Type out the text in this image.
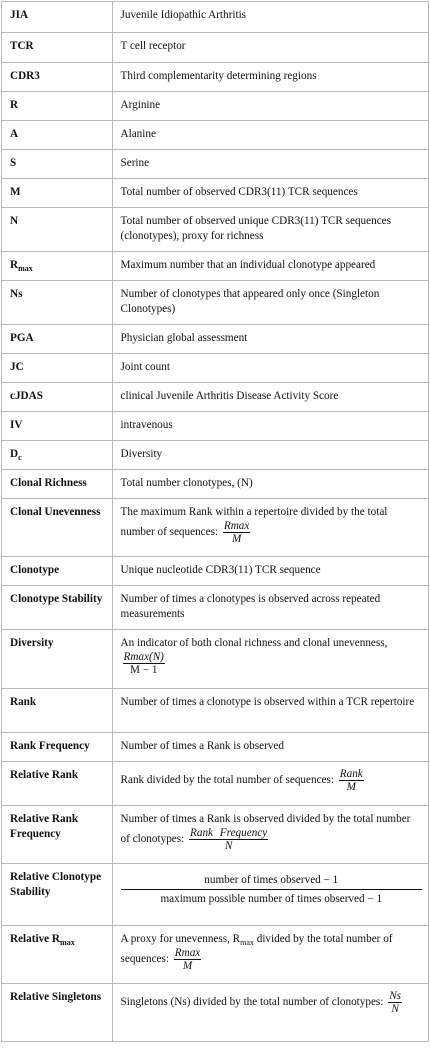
JIA	Juvenile Idiopathic Arthritis
TCR	T cell receptor
CDR3	Third complementarity determining regions
R	Arginine
A	Alanine
S	Serine
M	Total number of observed CDR3(11) TCR sequences
N	Total number of observed unique CDR3(11) TCR sequences (clonotypes), proxy for richness
$R_{max}$	Maximum number that an individual clonotype appeared
Ns	Number of clonotypes that appeared only once (Singleton Clonotypes)
PGA	Physician global assessment
JC	Joint count
cJDAS	clinical Juvenile Arthritis Disease Activity Score
IV	intravenous
$D_c$	Diversity
Clonal Richness	Total number clonotypes, (N)
Clonal Unevenness	The maximum Rank within a repertoire divided by the total number of sequences: $\frac{Rmax}{M}$

Clonotype	Unique nucleotide CDR3(11) TCR sequence
Clonotype Stability	Number of times a clonotypes is observed across repeated measurements
Diversity	An indicator of both clonal richness and clonal unevenness,
$\frac{Rmax(N)}{M - 1}$

Rank	Number of times a clonotype is observed within a TCR repertoire
Rank Frequency	Number of times a Rank is observed
Relative Rank	Rank divided by the total number of sequences: $\frac{\text{Rank}}{M}$

Relative Rank Frequency	Number of times a Rank is observed divided by the total number of clonotypes: $\frac{\text{Rank Frequency}}{N}$

Relative Clonotype Stability	number of times observed − 1
maximum possible number of times observed − 1

Relative $R_{max}$	A proxy for unevenness, $R_{max}$ divided by the total number of sequences: $\frac{Rmax}{M}$

Relative Singletons	Singletons (Ns) divided by the total number of clonotypes: $\frac{Ns}{N}$
